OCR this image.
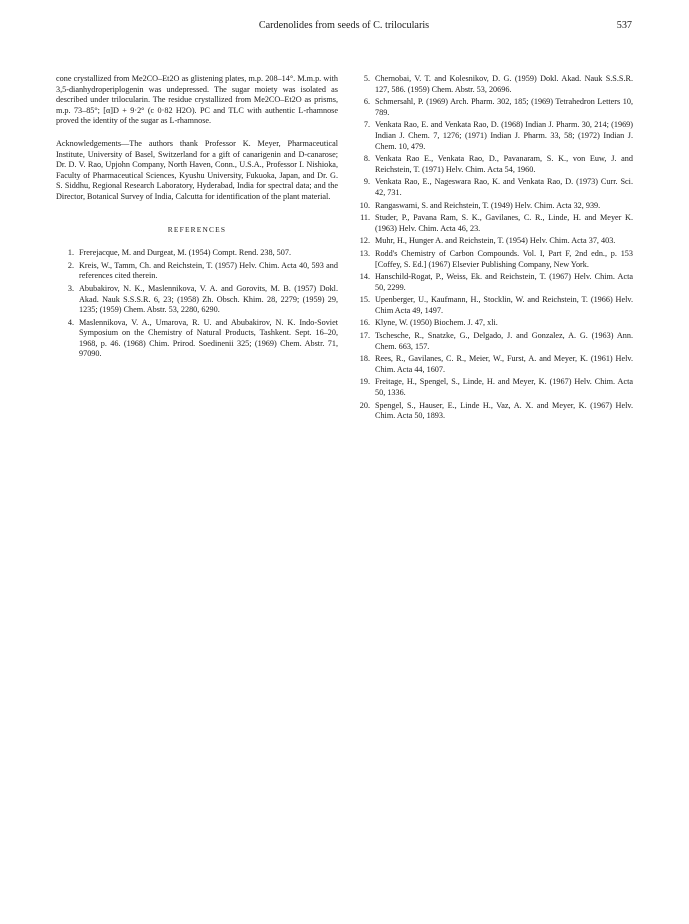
Cardenolides from seeds of C. trilocularis	537

cone crystallized from Me2CO–Et2O as glistening plates, m.p. 208–14°. M.m.p. with 3,5-dianhydroperiplogenin was undepressed. The sugar moiety was isolated as described under trilocularin. The residue crystallized from Me2CO–Et2O as prisms, m.p. 73–85°; [α]D + 9·2° (c 0·82 H2O). PC and TLC with authentic L-rhamnose proved the identity of the sugar as L-rhamnose.

Acknowledgements—The authors thank Professor K. Meyer, Pharmaceutical Institute, University of Basel, Switzerland for a gift of canarigenin and D-canarose; Dr. D. V. Rao, Upjohn Company, North Haven, Conn., U.S.A., Professor I. Nishioka, Faculty of Pharmaceutical Sciences, Kyushu University, Fukuoka, Japan, and Dr. G. S. Siddhu, Regional Research Laboratory, Hyderabad, India for spectral data; and the Director, Botanical Survey of India, Calcutta for identification of the plant material.

REFERENCES
1. Frerejacque, M. and Durgeat, M. (1954) Compt. Rend. 238, 507.
2. Kreis, W., Tamm, Ch. and Reichstein, T. (1957) Helv. Chim. Acta 40, 593 and references cited therein.
3. Abubakirov, N. K., Maslennikova, V. A. and Gorovits, M. B. (1957) Dokl. Akad. Nauk S.S.S.R. 6, 23; (1958) Zh. Obsch. Khim. 28, 2279; (1959) 29, 1235; (1959) Chem. Abstr. 53, 2280, 6290.
4. Maslennikova, V. A., Umarova, R. U. and Abubakirov, N. K. Indo-Soviet Symposium on the Chemistry of Natural Products, Tashkent. Sept. 16–20, 1968, p. 46. (1968) Chim. Prirod. Soedinenii 325; (1969) Chem. Abstr. 71, 97090.
5. Chernobai, V. T. and Kolesnikov, D. G. (1959) Dokl. Akad. Nauk S.S.S.R. 127, 586. (1959) Chem. Abstr. 53, 20696.
6. Schmersahl, P. (1969) Arch. Pharm. 302, 185; (1969) Tetrahedron Letters 10, 789.
7. Venkata Rao, E. and Venkata Rao, D. (1968) Indian J. Pharm. 30, 214; (1969) Indian J. Chem. 7, 1276; (1971) Indian J. Pharm. 33, 58; (1972) Indian J. Chem. 10, 479.
8. Venkata Rao E., Venkata Rao, D., Pavanaram, S. K., von Euw, J. and Reichstein, T. (1971) Helv. Chim. Acta 54, 1960.
9. Venkata Rao, E., Nageswara Rao, K. and Venkata Rao, D. (1973) Curr. Sci. 42, 731.
10. Rangaswami, S. and Reichstein, T. (1949) Helv. Chim. Acta 32, 939.
11. Studer, P., Pavana Ram, S. K., Gavilanes, C. R., Linde, H. and Meyer K. (1963) Helv. Chim. Acta 46, 23.
12. Muhr, H., Hunger A. and Reichstein, T. (1954) Helv. Chim. Acta 37, 403.
13. Rodd's Chemistry of Carbon Compounds. Vol. I, Part F, 2nd edn., p. 153 [Coffey, S. Ed.] (1967) Elsevier Publishing Company, New York.
14. Hanschild-Rogat, P., Weiss, Ek. and Reichstein, T. (1967) Helv. Chim. Acta 50, 2299.
15. Upenberger, U., Kaufmann, H., Stocklin, W. and Reichstein, T. (1966) Helv. Chim Acta 49, 1497.
16. Klyne, W. (1950) Biochem. J. 47, xli.
17. Tschesche, R., Snatzke, G., Delgado, J. and Gonzalez, A. G. (1963) Ann. Chem. 663, 157.
18. Rees, R., Gavilanes, C. R., Meier, W., Furst, A. and Meyer, K. (1961) Helv. Chim. Acta 44, 1607.
19. Freitage, H., Spengel, S., Linde, H. and Meyer, K. (1967) Helv. Chim. Acta 50, 1336.
20. Spengel, S., Hauser, E., Linde H., Vaz, A. X. and Meyer, K. (1967) Helv. Chim. Acta 50, 1893.
